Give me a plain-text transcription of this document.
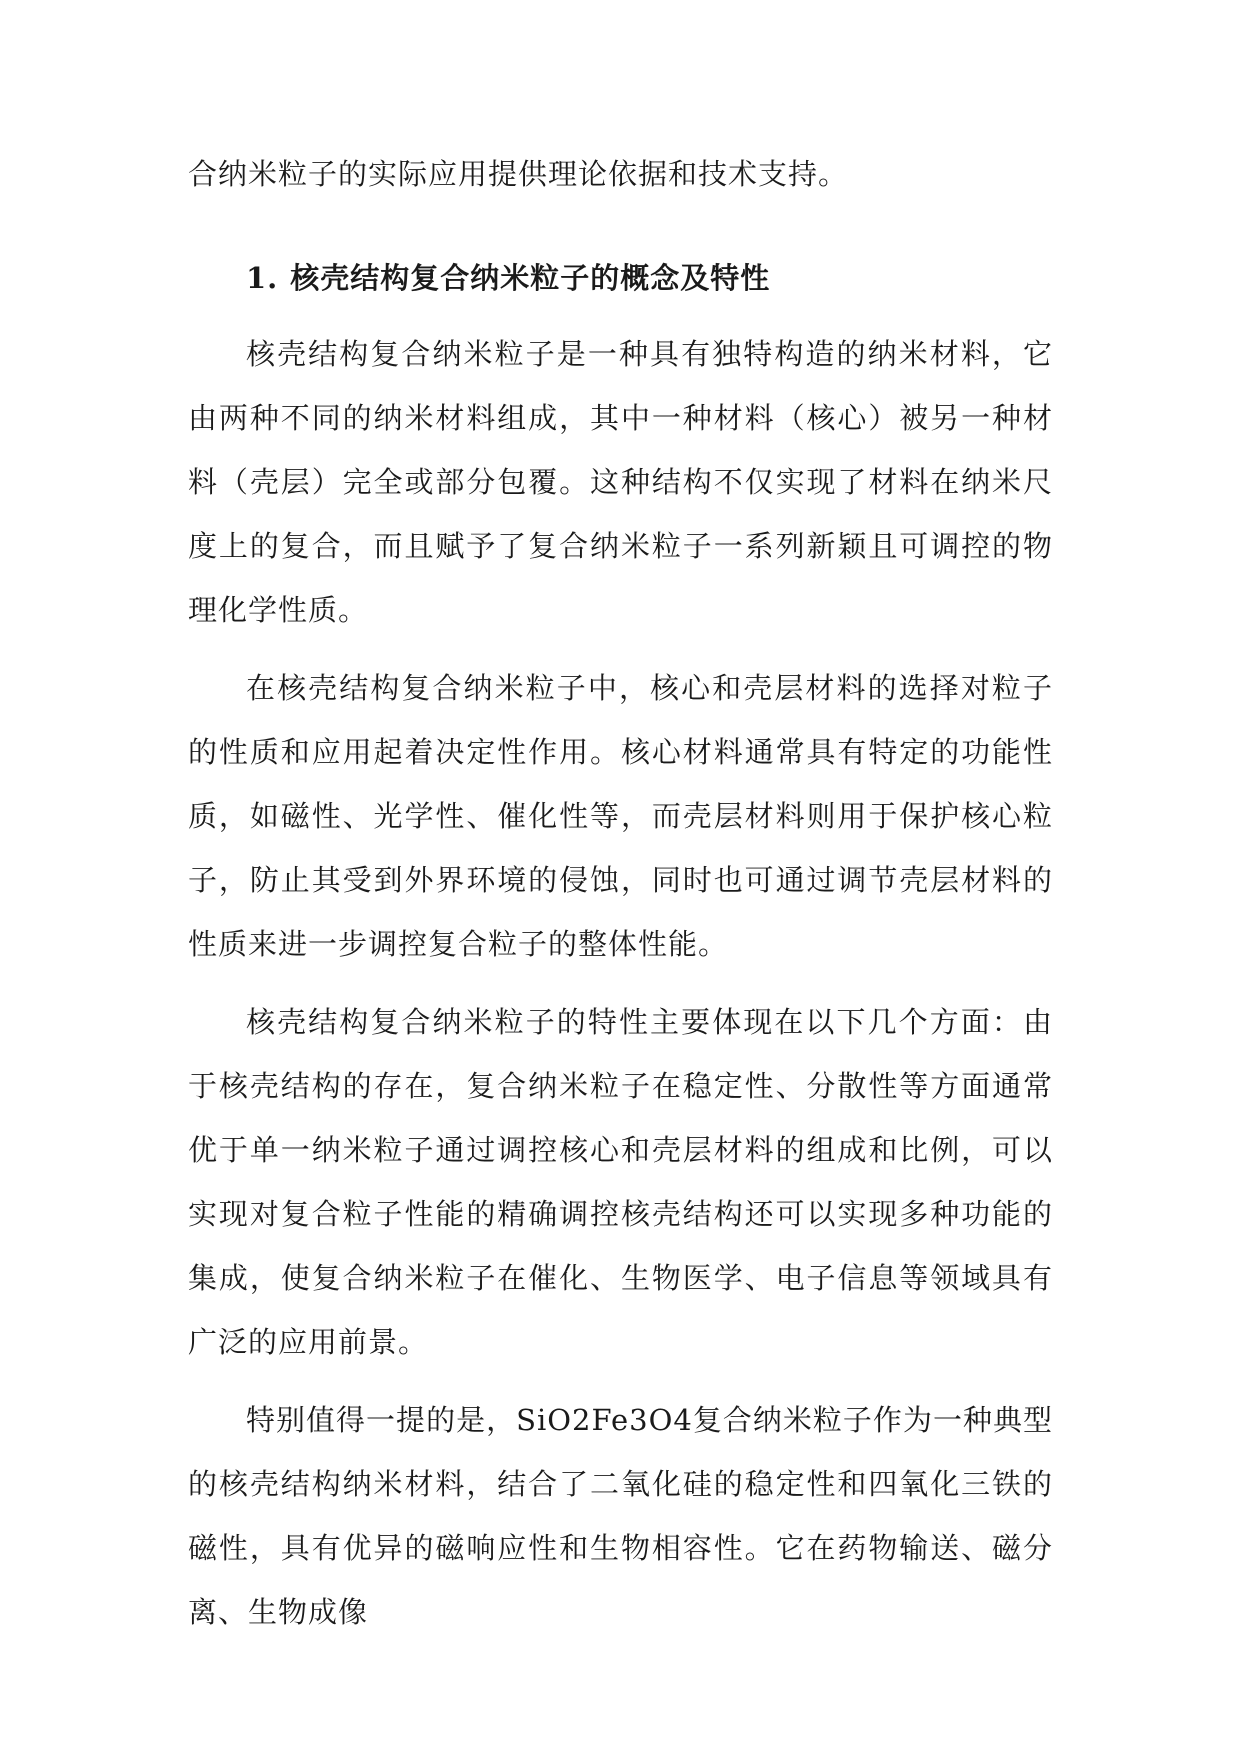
合纳米粒子的实际应用提供理论依据和技术支持。

1. 核壳结构复合纳米粒子的概念及特性

核壳结构复合纳米粒子是一种具有独特构造的纳米材料，它由两种不同的纳米材料组成，其中一种材料（核心）被另一种材料（壳层）完全或部分包覆。这种结构不仅实现了材料在纳米尺度上的复合，而且赋予了复合纳米粒子一系列新颖且可调控的物理化学性质。

在核壳结构复合纳米粒子中，核心和壳层材料的选择对粒子的性质和应用起着决定性作用。核心材料通常具有特定的功能性质，如磁性、光学性、催化性等，而壳层材料则用于保护核心粒子，防止其受到外界环境的侵蚀，同时也可通过调节壳层材料的性质来进一步调控复合粒子的整体性能。

核壳结构复合纳米粒子的特性主要体现在以下几个方面：由于核壳结构的存在，复合纳米粒子在稳定性、分散性等方面通常优于单一纳米粒子通过调控核心和壳层材料的组成和比例，可以实现对复合粒子性能的精确调控核壳结构还可以实现多种功能的集成，使复合纳米粒子在催化、生物医学、电子信息等领域具有广泛的应用前景。

特别值得一提的是，SiO2Fe3O4复合纳米粒子作为一种典型的核壳结构纳米材料，结合了二氧化硅的稳定性和四氧化三铁的磁性，具有优异的磁响应性和生物相容性。它在药物输送、磁分离、生物成像
